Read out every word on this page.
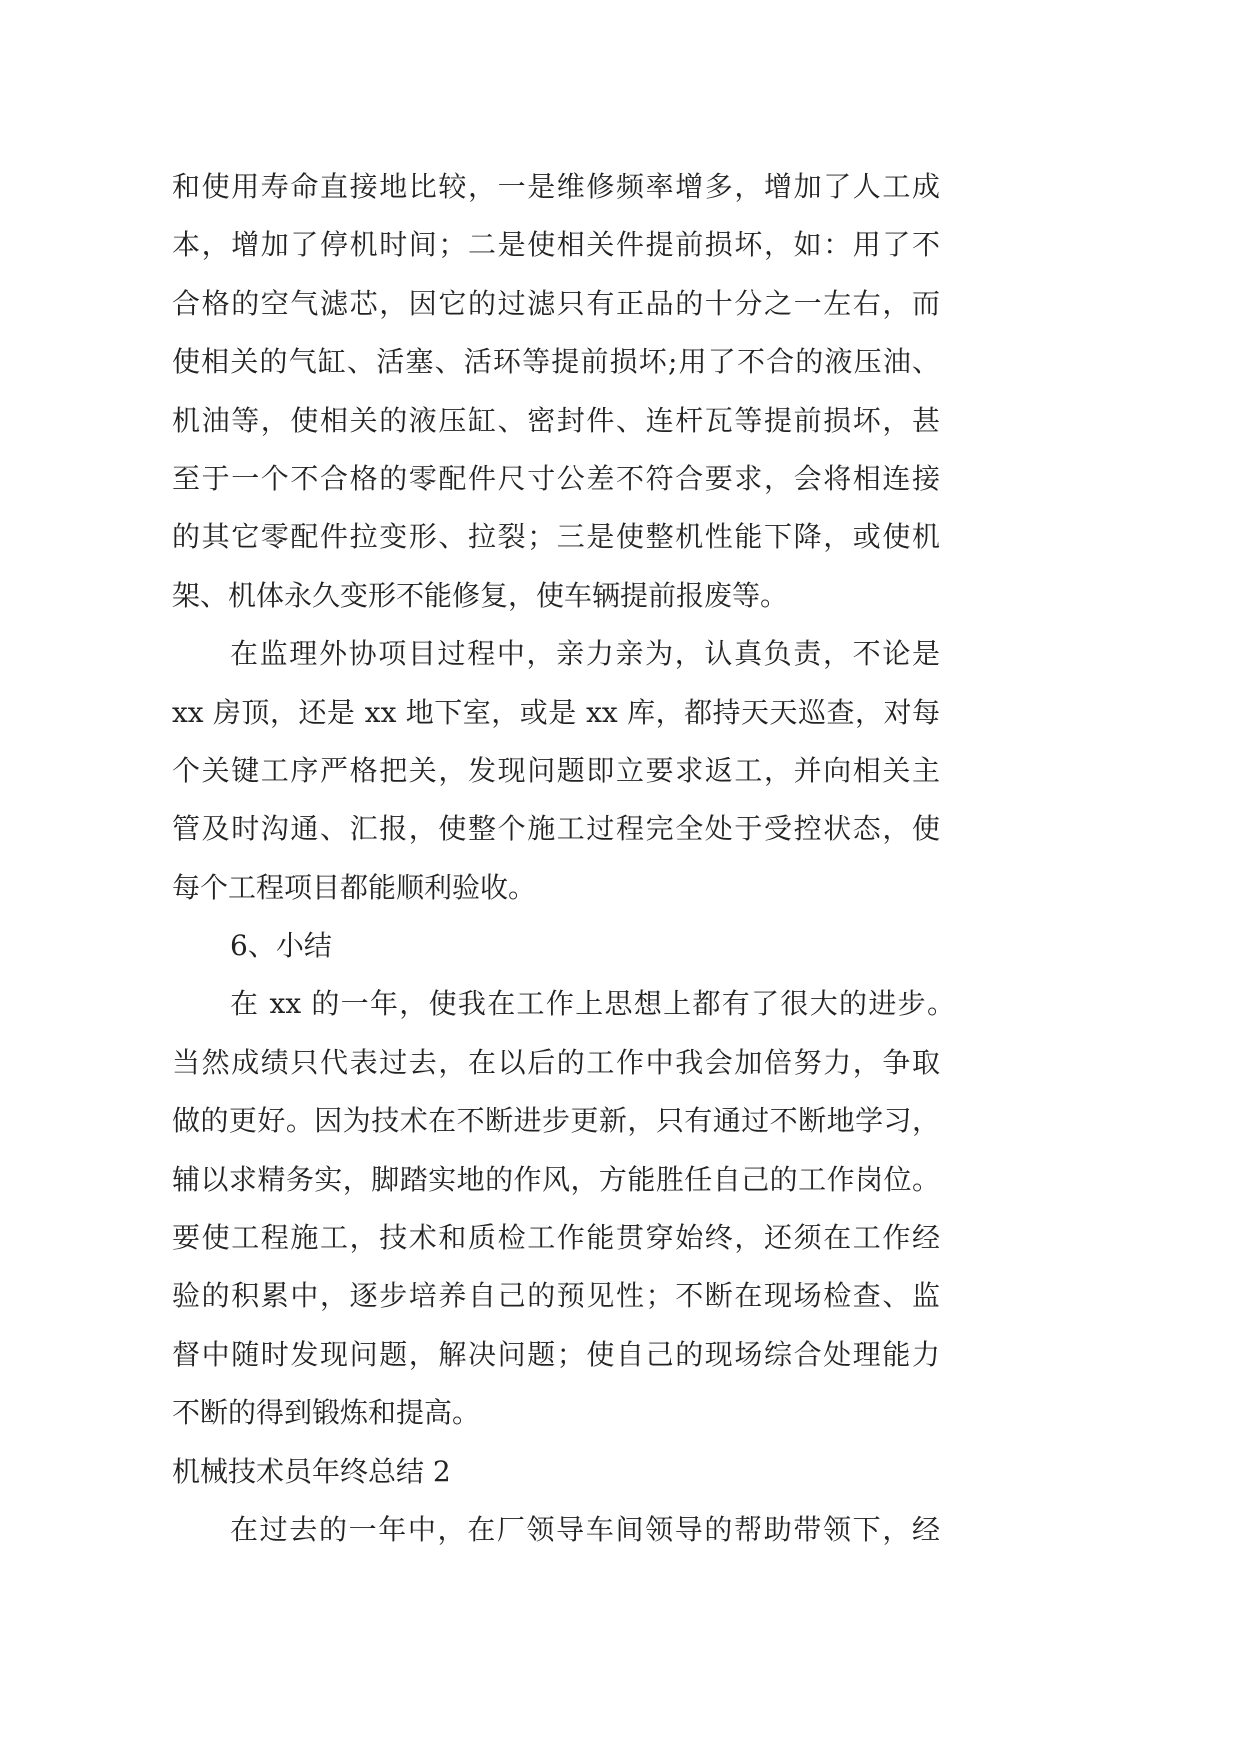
和使用寿命直接地比较，一是维修频率增多，增加了人工成
本，增加了停机时间；二是使相关件提前损坏，如：用了不
合格的空气滤芯，因它的过滤只有正品的十分之一左右，而
使相关的气缸、活塞、活环等提前损坏;用了不合的液压油、
机油等，使相关的液压缸、密封件、连杆瓦等提前损坏，甚
至于一个不合格的零配件尺寸公差不符合要求，会将相连接
的其它零配件拉变形、拉裂；三是使整机性能下降，或使机
架、机体永久变形不能修复，使车辆提前报废等。
在监理外协项目过程中，亲力亲为，认真负责，不论是
xx 房顶，还是 xx 地下室，或是 xx 库，都持天天巡查，对每
个关键工序严格把关，发现问题即立要求返工，并向相关主
管及时沟通、汇报，使整个施工过程完全处于受控状态，使
每个工程项目都能顺利验收。
6、小结
在 xx 的一年，使我在工作上思想上都有了很大的进步。
当然成绩只代表过去，在以后的工作中我会加倍努力，争取
做的更好。因为技术在不断进步更新，只有通过不断地学习，
辅以求精务实，脚踏实地的作风，方能胜任自己的工作岗位。
要使工程施工，技术和质检工作能贯穿始终，还须在工作经
验的积累中，逐步培养自己的预见性；不断在现场检查、监
督中随时发现问题，解决问题；使自己的现场综合处理能力
不断的得到锻炼和提高。
机械技术员年终总结 2
在过去的一年中，在厂领导车间领导的帮助带领下，经
